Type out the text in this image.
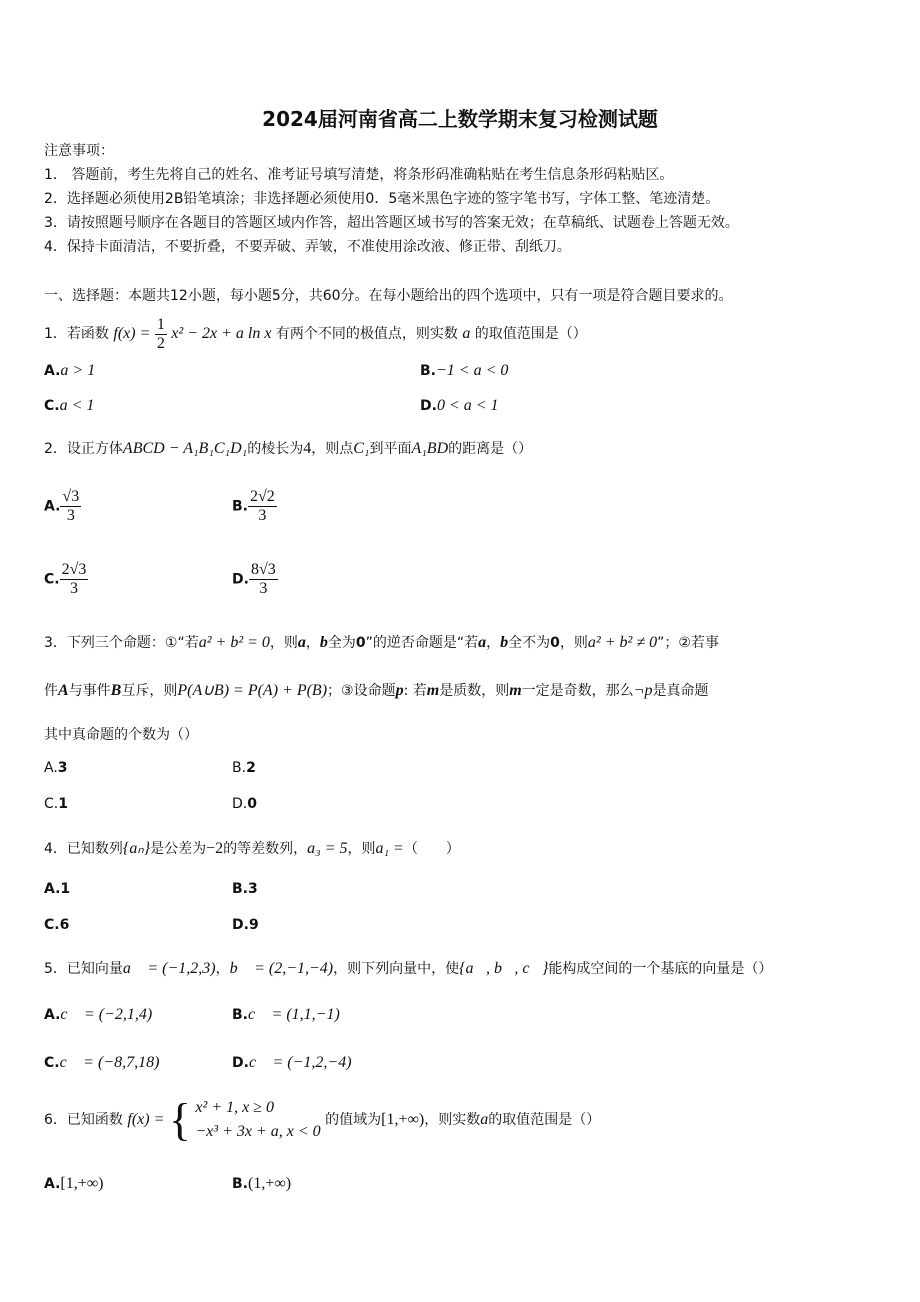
2024届河南省高二上数学期末复习检测试题
注意事项：
1． 答题前，考生先将自己的姓名、准考证号填写清楚，将条形码准确粘贴在考生信息条形码粘贴区。
2．选择题必须使用2B铅笔填涂；非选择题必须使用0．5毫米黑色字迹的签字笔书写，字体工整、笔迹清楚。
3．请按照题号顺序在各题目的答题区域内作答，超出答题区域书写的答案无效；在草稿纸、试题卷上答题无效。
4．保持卡面清洁，不要折叠，不要弄破、弄皱，不准使用涂改液、修正带、刮纸刀。
一、选择题：本题共12小题，每小题5分，共60分。在每小题给出的四个选项中，只有一项是符合题目要求的。
1．若函数 $f(x) = \frac{1}{2} x^2 - 2x + a$ ln x 有两个不同的极值点，则实数 a 的取值范围是（）
A.a > 1	B.−1 < a < 0
C.a < 1	D.0 < a < 1
2．设正方体ABCD − A₁B₁C₁D₁的棱长为4，则点C₁到平面A₁BD的距离是（）
A. $\frac{√3}{3}$	B. $\frac{2√2}{3}$
C. $\frac{2√3}{3}$	D. $\frac{8√3}{3}$
3．下列三个命题：①“若a² + b² = 0，则a，b全为0”的逆否命题是“若a，b全不为0，则a² + b² ≠ 0”；②若事
件A与事件B互斥，则P(A∪B) = P(A) + P(B)；③设命题p: 若m是质数，则m一定是奇数，那么¬p是真命题
其中真命题的个数为（）
A.3	B.2
C.1	D.0
4．已知数列{aₙ}是公差为−2的等差数列，a₃ = 5，则a₁ =（　　）
A.1	B.3
C.6	D.9
5．已知向量a⃗ = (−1,2,3)，b⃗ = (2,−1,−4)，则下列向量中，使{a⃗, b⃗, c⃗}能构成空间的一个基底的向量是（）
A.c⃗ = (−2,1,4)	B.c⃗ = (1,1,−1)
C.c⃗ = (−8,7,18)	D.c⃗ = (−1,2,−4)
6．已知函数 f(x) = { x² + 1, x ≥ 0
−x³ + 3x + a, x < 0
的值域为[1,+∞)，则实数a的取值范围是（）
A.[1,+∞)	B.(1,+∞)
